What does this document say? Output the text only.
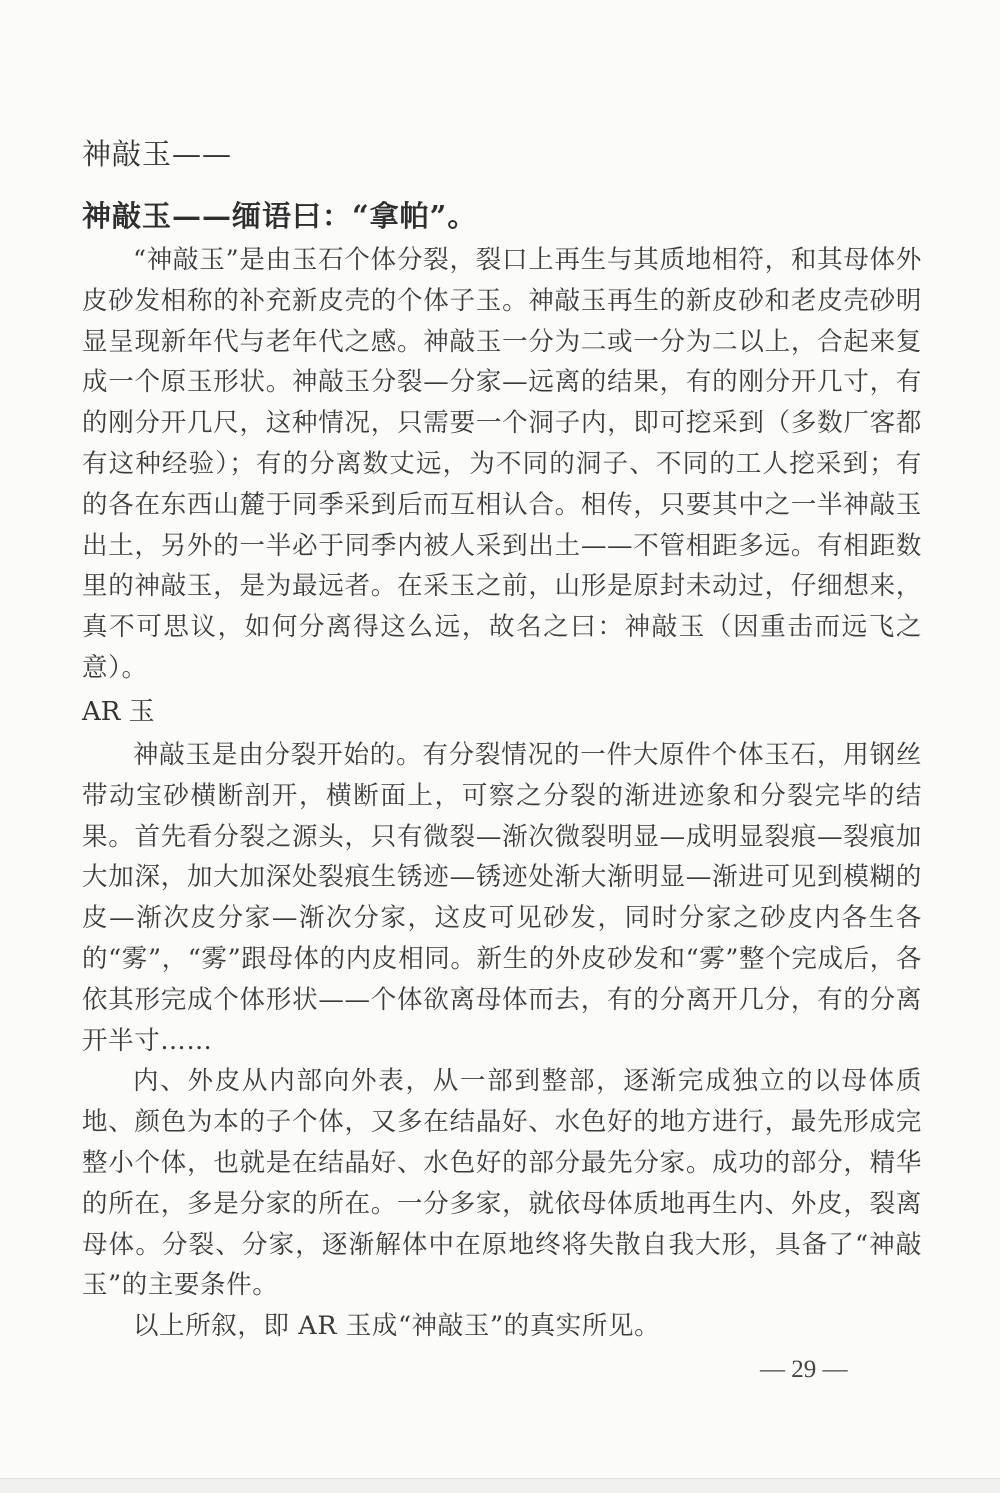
神敲玉——
神敲玉——缅语曰：“拿帕”。

“神敲玉”是由玉石个体分裂，裂口上再生与其质地相符，和其母体外皮砂发相称的补充新皮壳的个体子玉。神敲玉再生的新皮砂和老皮壳砂明显呈现新年代与老年代之感。神敲玉一分为二或一分为二以上，合起来复成一个原玉形状。神敲玉分裂—分家—远离的结果，有的刚分开几寸，有的刚分开几尺，这种情况，只需要一个洞子内，即可挖采到（多数厂客都有这种经验）；有的分离数丈远，为不同的洞子、不同的工人挖采到；有的各在东西山麓于同季采到后而互相认合。相传，只要其中之一半神敲玉出土，另外的一半必于同季内被人采到出土——不管相距多远。有相距数里的神敲玉，是为最远者。在采玉之前，山形是原封未动过，仔细想来，真不可思议，如何分离得这么远，故名之曰：神敲玉（因重击而远飞之意）。

AR 玉

神敲玉是由分裂开始的。有分裂情况的一件大原件个体玉石，用钢丝带动宝砂横断剖开，横断面上，可察之分裂的渐进迹象和分裂完毕的结果。首先看分裂之源头，只有微裂—渐次微裂明显—成明显裂痕—裂痕加大加深，加大加深处裂痕生锈迹—锈迹处渐大渐明显—渐进可见到模糊的皮—渐次皮分家—渐次分家，这皮可见砂发，同时分家之砂皮内各生各的“雾”，“雾”跟母体的内皮相同。新生的外皮砂发和“雾”整个完成后，各依其形完成个体形状——个体欲离母体而去，有的分离开几分，有的分离开半寸……

内、外皮从内部向外表，从一部到整部，逐渐完成独立的以母体质地、颜色为本的子个体，又多在结晶好、水色好的地方进行，最先形成完整小个体，也就是在结晶好、水色好的部分最先分家。成功的部分，精华的所在，多是分家的所在。一分多家，就依母体质地再生内、外皮，裂离母体。分裂、分家，逐渐解体中在原地终将失散自我大形，具备了“神敲玉”的主要条件。

以上所叙，即 AR 玉成“神敲玉”的真实所见。

— 29 —
